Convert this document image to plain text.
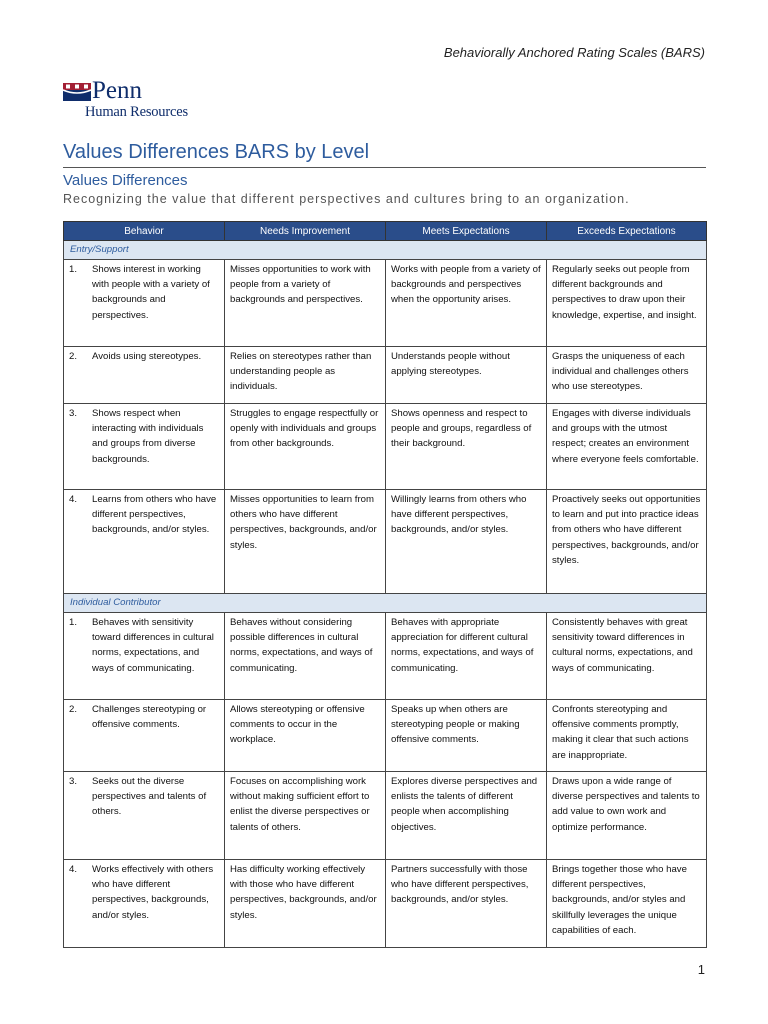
Behaviorally Anchored Rating Scales (BARS)
Penn
Human Resources
Values Differences BARS by Level
Values Differences
Recognizing the value that different perspectives and cultures bring to an organization.
Behavior	Needs Improvement	Meets Expectations	Exceeds Expectations
Entry/Support			
1. Shows interest in working with people with a variety of backgrounds and perspectives.	Misses opportunities to work with people from a variety of backgrounds and perspectives.	Works with people from a variety of backgrounds and perspectives when the opportunity arises.	Regularly seeks out people from different backgrounds and perspectives to draw upon their knowledge, expertise, and insight.
2. Avoids using stereotypes.	Relies on stereotypes rather than understanding people as individuals.	Understands people without applying stereotypes.	Grasps the uniqueness of each individual and challenges others who use stereotypes.
3. Shows respect when interacting with individuals and groups from diverse backgrounds.	Struggles to engage respectfully or openly with individuals and groups from other backgrounds.	Shows openness and respect to people and groups, regardless of their background.	Engages with diverse individuals and groups with the utmost respect; creates an environment where everyone feels comfortable.
4. Learns from others who have different perspectives, backgrounds, and/or styles.	Misses opportunities to learn from others who have different perspectives, backgrounds, and/or styles.	Willingly learns from others who have different perspectives, backgrounds, and/or styles.	Proactively seeks out opportunities to learn and put into practice ideas from others who have different perspectives, backgrounds, and/or styles.
Individual Contributor			
1. Behaves with sensitivity toward differences in cultural norms, expectations, and ways of communicating.	Behaves without considering possible differences in cultural norms, expectations, and ways of communicating.	Behaves with appropriate appreciation for different cultural norms, expectations, and ways of communicating.	Consistently behaves with great sensitivity toward differences in cultural norms, expectations, and ways of communicating.
2. Challenges stereotyping or offensive comments.	Allows stereotyping or offensive comments to occur in the workplace.	Speaks up when others are stereotyping people or making offensive comments.	Confronts stereotyping and offensive comments promptly, making it clear that such actions are inappropriate.
3. Seeks out the diverse perspectives and talents of others.	Focuses on accomplishing work without making sufficient effort to enlist the diverse perspectives or talents of others.	Explores diverse perspectives and enlists the talents of different people when accomplishing objectives.	Draws upon a wide range of diverse perspectives and talents to add value to own work and optimize performance.
4. Works effectively with others who have different perspectives, backgrounds, and/or styles.	Has difficulty working effectively with those who have different perspectives, backgrounds, and/or styles.	Partners successfully with those who have different perspectives, backgrounds, and/or styles.	Brings together those who have different perspectives, backgrounds, and/or styles and skillfully leverages the unique capabilities of each.
1
